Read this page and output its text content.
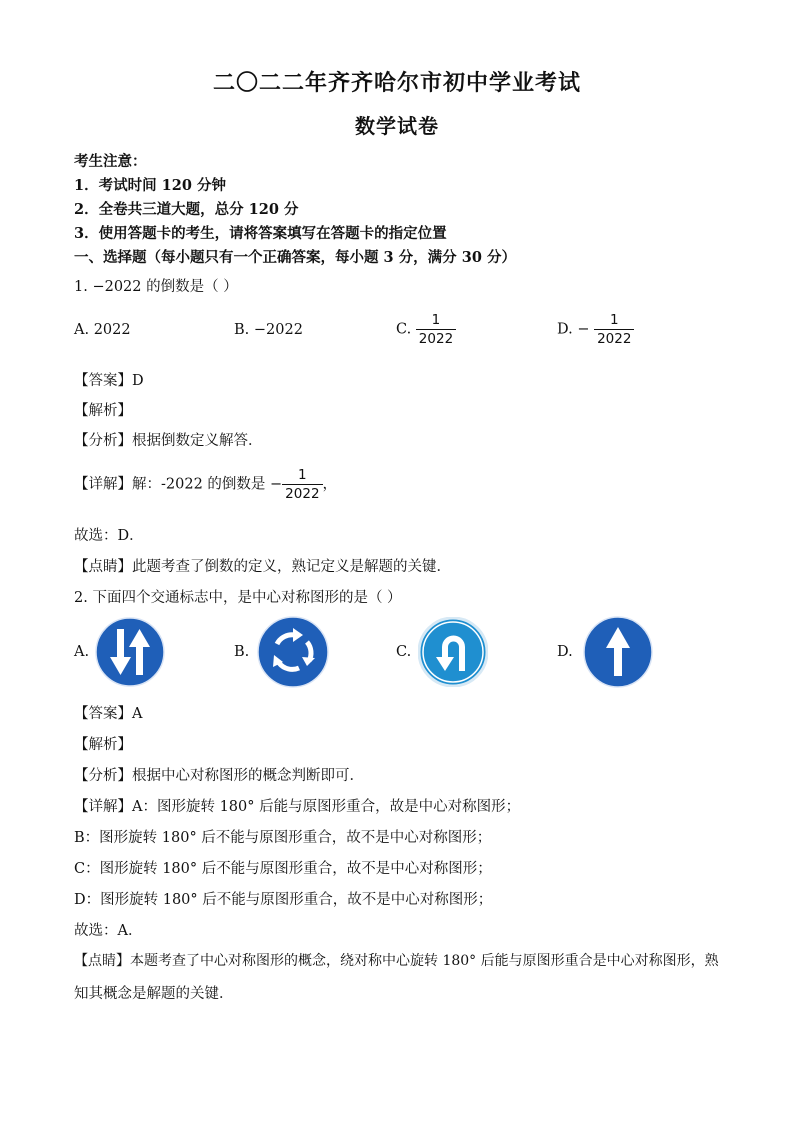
二〇二二年齐齐哈尔市初中学业考试
数学试卷
考生注意：
1．考试时间 120 分钟
2．全卷共三道大题，总分 120 分
3．使用答题卡的考生，请将答案填写在答题卡的指定位置
一、选择题（每小题只有一个正确答案，每小题 3 分，满分 30 分）
1. −2022 的倒数是（ ）
A. 2022	B. −2022	C. $\frac{1}{2022}$	D. − $\frac{1}{2022}$
【答案】D
【解析】
【分析】根据倒数定义解答．
【详解】解：-2022 的倒数是 − $\frac{1}{2022}$ ，
故选：D．
【点睛】此题考查了倒数的定义，熟记定义是解题的关键．
2. 下面四个交通标志中，是中心对称图形的是（ ）
A.	B.	C.	D.
【答案】A
【解析】
【分析】根据中心对称图形的概念判断即可．
【详解】A：图形旋转 180° 后能与原图形重合，故是中心对称图形；
B：图形旋转 180° 后不能与原图形重合，故不是中心对称图形；
C：图形旋转 180° 后不能与原图形重合，故不是中心对称图形；
D：图形旋转 180° 后不能与原图形重合，故不是中心对称图形；
故选：A．
【点睛】本题考查了中心对称图形的概念，绕对称中心旋转 180° 后能与原图形重合是中心对称图形，熟
知其概念是解题的关键．
